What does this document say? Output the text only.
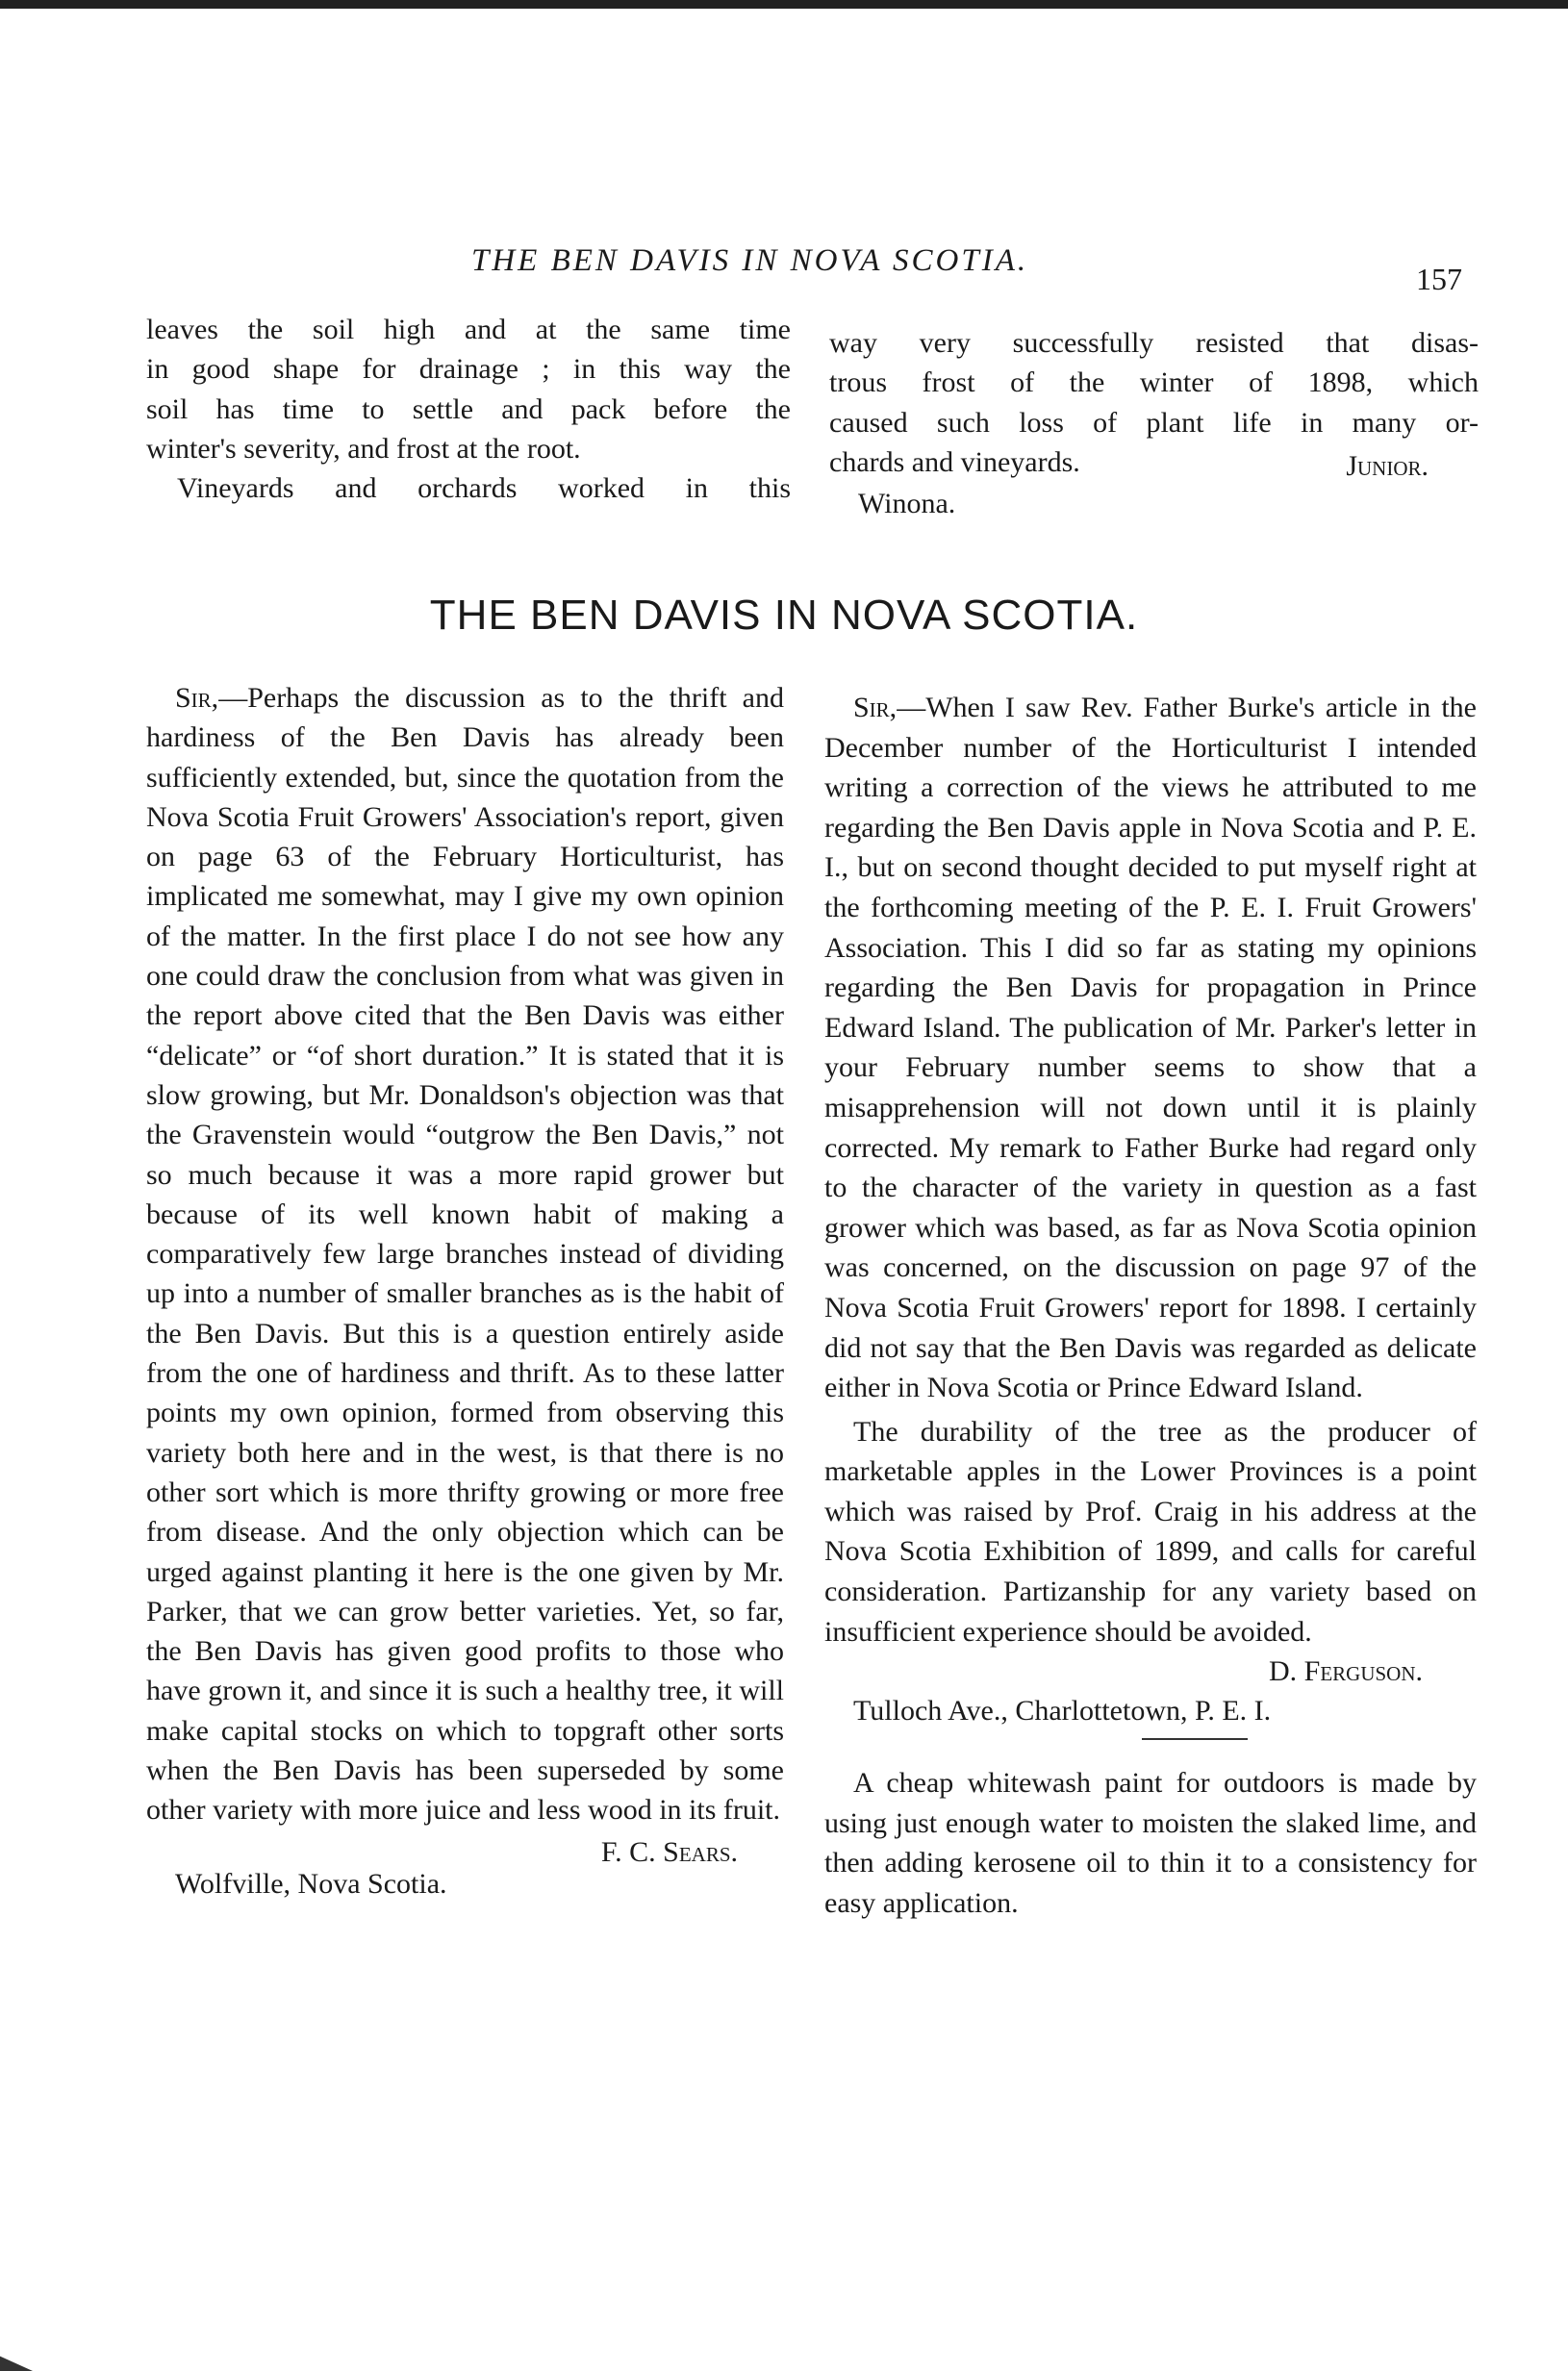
THE BEN DAVIS IN NOVA SCOTIA.
157

leaves the soil high and at the same time

in good shape for drainage ; in this way the

soil has time to settle and pack before the

winter's severity, and frost at the root.

Vineyards and orchards worked in this

way very successfully resisted that disas-

trous frost of the winter of 1898, which

caused such loss of plant life in many or-

chards and vineyards.	Junior.
Winona.
THE BEN DAVIS IN NOVA SCOTIA.

Sir,—Perhaps the discussion as to the thrift and hardiness of the Ben Davis has already been sufficiently extended, but, since the quotation from the Nova Scotia Fruit Growers' Association's report, given on page 63 of the February Horticulturist, has implicated me somewhat, may I give my own opinion of the matter. In the first place I do not see how any one could draw the conclusion from what was given in the report above cited that the Ben Davis was either “delicate” or “of short duration.” It is stated that it is slow growing, but Mr. Donaldson's objection was that the Gravenstein would “outgrow the Ben Davis,” not so much because it was a more rapid grower but because of its well known habit of making a comparatively few large branches instead of dividing up into a number of smaller branches as is the habit of the Ben Davis. But this is a question entirely aside from the one of hardiness and thrift. As to these latter points my own opinion, formed from observing this variety both here and in the west, is that there is no other sort which is more thrifty growing or more free from disease. And the only objection which can be urged against planting it here is the one given by Mr. Parker, that we can grow better varieties. Yet, so far, the Ben Davis has given good profits to those who have grown it, and since it is such a healthy tree, it will make capital stocks on which to topgraft other sorts when the Ben Davis has been superseded by some other variety with more juice and less wood in its fruit.

F. C. Sears.
Wolfville, Nova Scotia.

Sir,—When I saw Rev. Father Burke's article in the December number of the Horticulturist I intended writing a correction of the views he attributed to me regarding the Ben Davis apple in Nova Scotia and P. E. I., but on second thought decided to put myself right at the forthcoming meeting of the P. E. I. Fruit Growers' Association. This I did so far as stating my opinions regarding the Ben Davis for propagation in Prince Edward Island. The publication of Mr. Parker's letter in your February number seems to show that a misapprehension will not down until it is plainly corrected. My remark to Father Burke had regard only to the character of the variety in question as a fast grower which was based, as far as Nova Scotia opinion was concerned, on the discussion on page 97 of the Nova Scotia Fruit Growers' report for 1898. I certainly did not say that the Ben Davis was regarded as delicate either in Nova Scotia or Prince Edward Island.

The durability of the tree as the producer of marketable apples in the Lower Provinces is a point which was raised by Prof. Craig in his address at the Nova Scotia Exhibition of 1899, and calls for careful consideration. Partizanship for any variety based on insufficient experience should be avoided.

D. Ferguson.
Tulloch Ave., Charlottetown, P. E. I.

A cheap whitewash paint for outdoors is made by using just enough water to moisten the slaked lime, and then adding kerosene oil to thin it to a consistency for easy application.
